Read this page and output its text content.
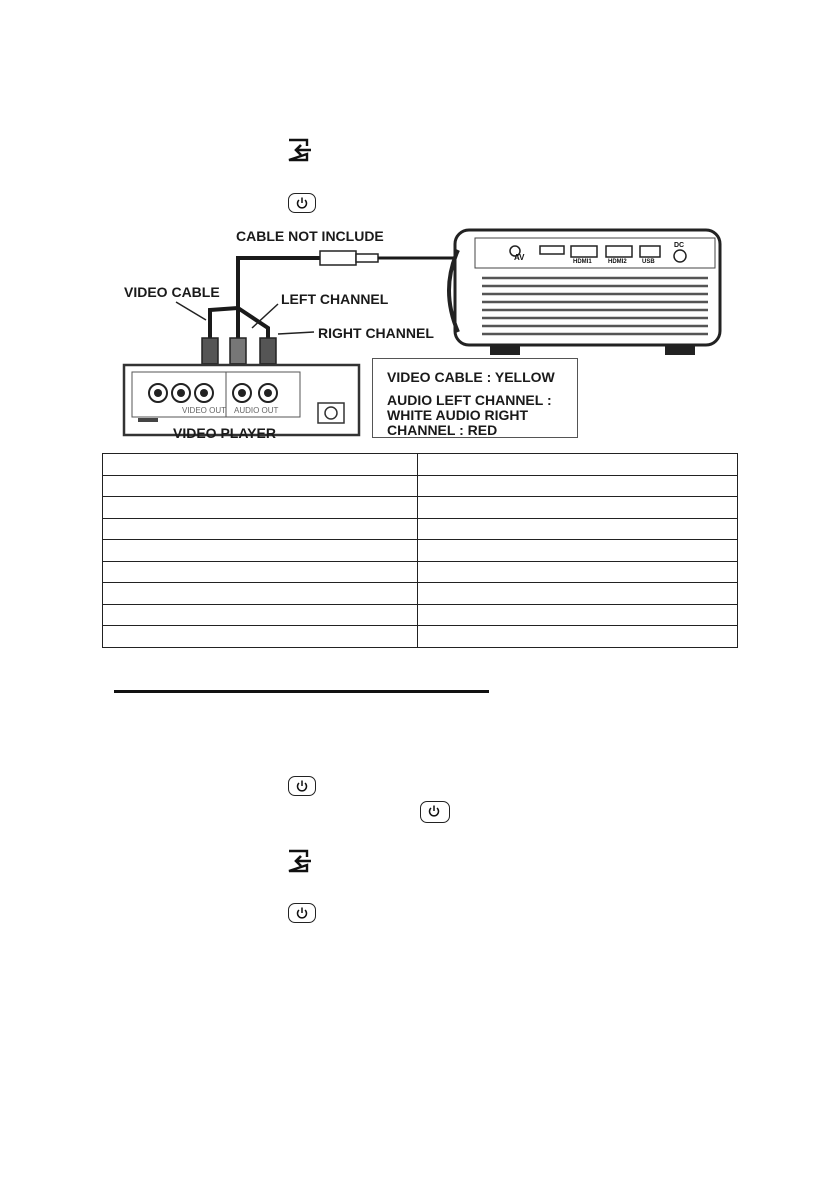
AV	HDMI1	HDMI2	USB
DC
VIDEO OUT AUDIO OUT
CABLE NOT INCLUDE
VIDEO CABLE	LEFT CHANNEL
RIGHT CHANNEL
VIDEO PLAYER
VIDEO CABLE : YELLOW
AUDIO LEFT CHANNEL :
WHITE AUDIO RIGHT
CHANNEL : RED
